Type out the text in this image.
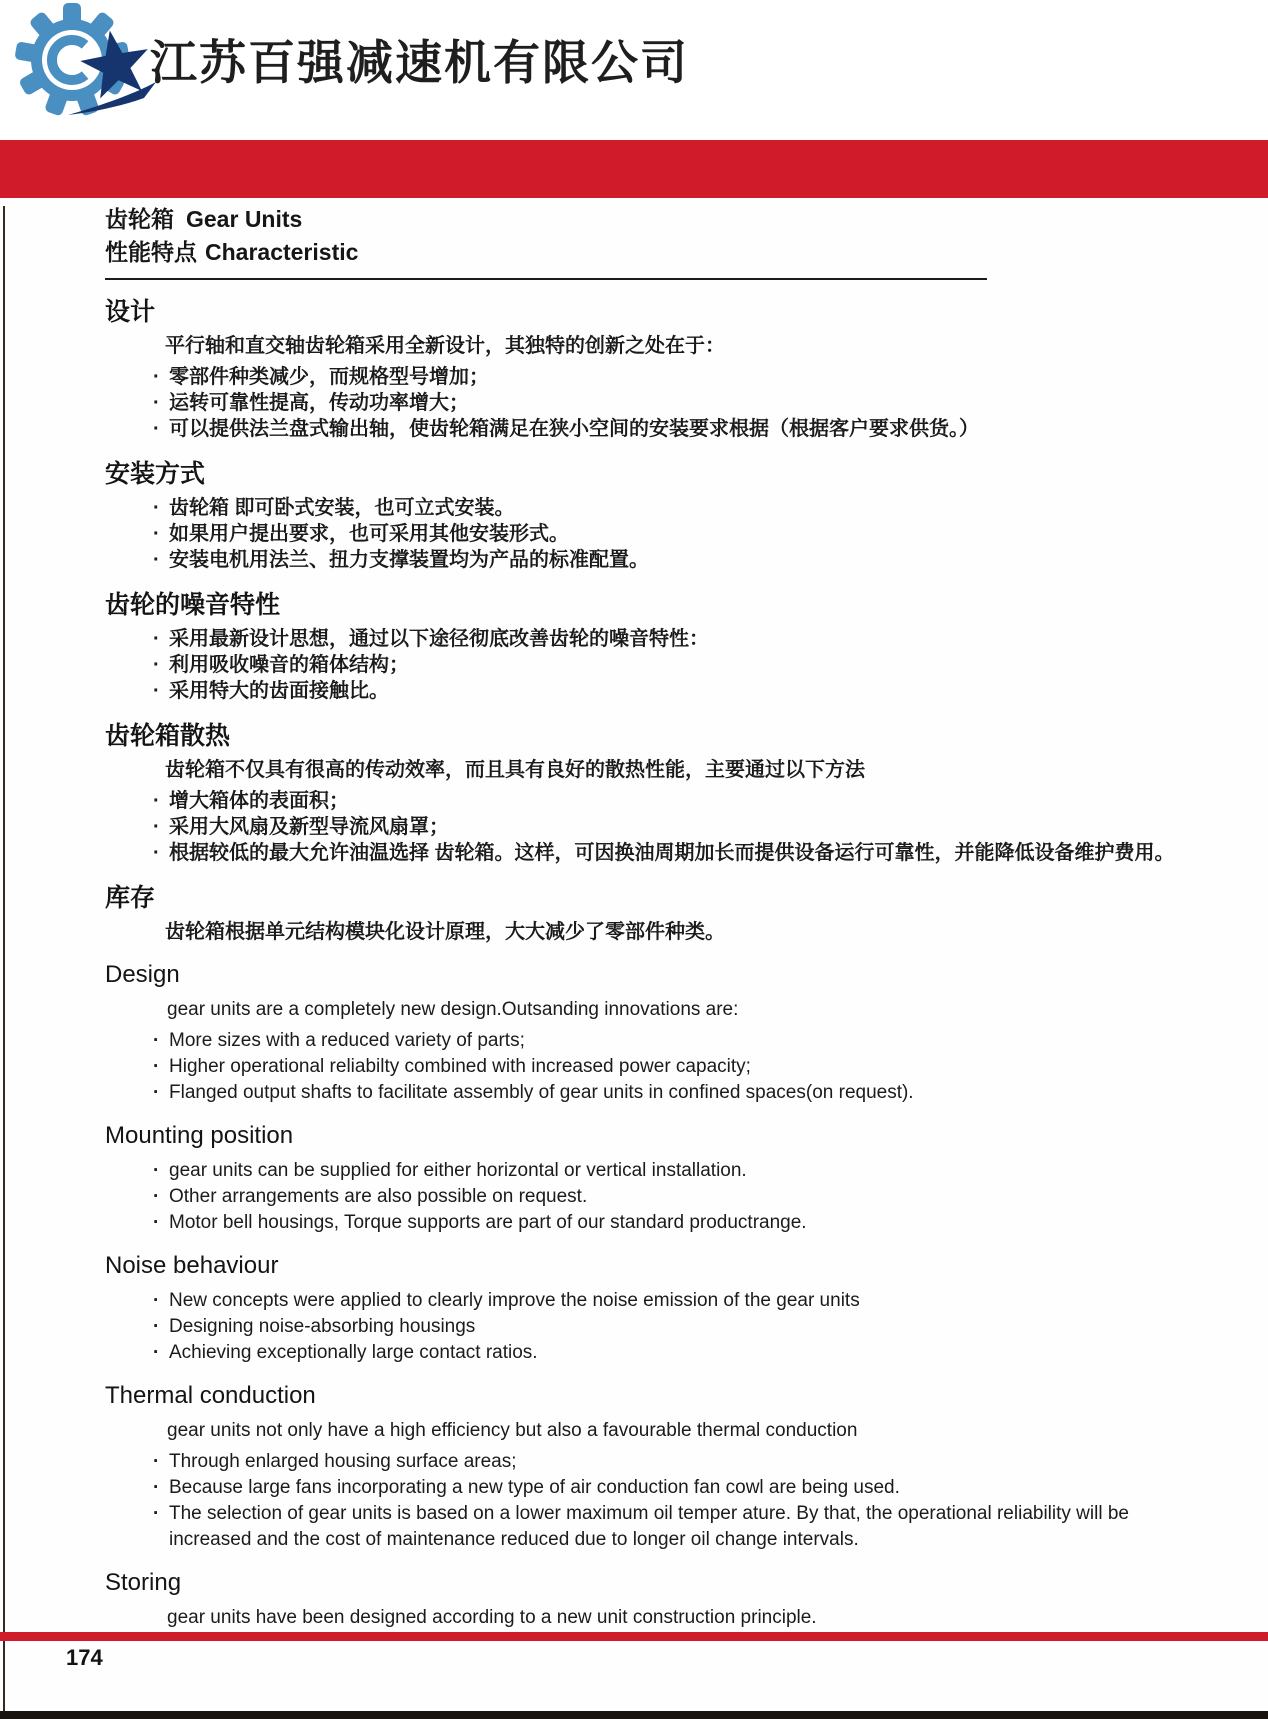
江苏百强减速机有限公司
齿轮箱 Gear Units
性能特点 Characteristic
设计

平行轴和直交轴齿轮箱采用全新设计，其独特的创新之处在于：

· 零部件种类减少，而规格型号增加；
· 运转可靠性提高，传动功率增大；
· 可以提供法兰盘式输出轴，使齿轮箱满足在狭小空间的安装要求根据（根据客户要求供货。）
安装方式
· 齿轮箱 即可卧式安装，也可立式安装。
· 如果用户提出要求，也可采用其他安装形式。
· 安装电机用法兰、扭力支撑装置均为产品的标准配置。
齿轮的噪音特性
· 采用最新设计思想，通过以下途径彻底改善齿轮的噪音特性：
· 利用吸收噪音的箱体结构；
· 采用特大的齿面接触比。
齿轮箱散热

齿轮箱不仅具有很高的传动效率，而且具有良好的散热性能，主要通过以下方法

· 增大箱体的表面积；
· 采用大风扇及新型导流风扇罩；
· 根据较低的最大允许油温选择 齿轮箱。这样，可因换油周期加长而提供设备运行可靠性，并能降低设备维护费用。
库存

齿轮箱根据单元结构模块化设计原理，大大减少了零部件种类。

Design

gear units are a completely new design.Outsanding innovations are:

· More sizes with a reduced variety of parts;
· Higher operational reliabilty combined with increased power capacity;
· Flanged output shafts to facilitate assembly of gear units in confined spaces(on request).
Mounting position
· gear units can be supplied for either horizontal or vertical installation.
· Other arrangements are also possible on request.
· Motor bell housings, Torque supports are part of our standard productrange.
Noise behaviour
· New concepts were applied to clearly improve the noise emission of the gear units
· Designing noise-absorbing housings
· Achieving exceptionally large contact ratios.
Thermal conduction

gear units not only have a high efficiency but also a favourable thermal conduction

· Through enlarged housing surface areas;
· Because large fans incorporating a new type of air conduction fan cowl are being used.
· The selection of gear units is based on a lower maximum oil temper ature. By that, the operational reliability will be increased and the cost of maintenance reduced due to longer oil change intervals.
Storing

gear units have been designed according to a new unit construction principle.

174
